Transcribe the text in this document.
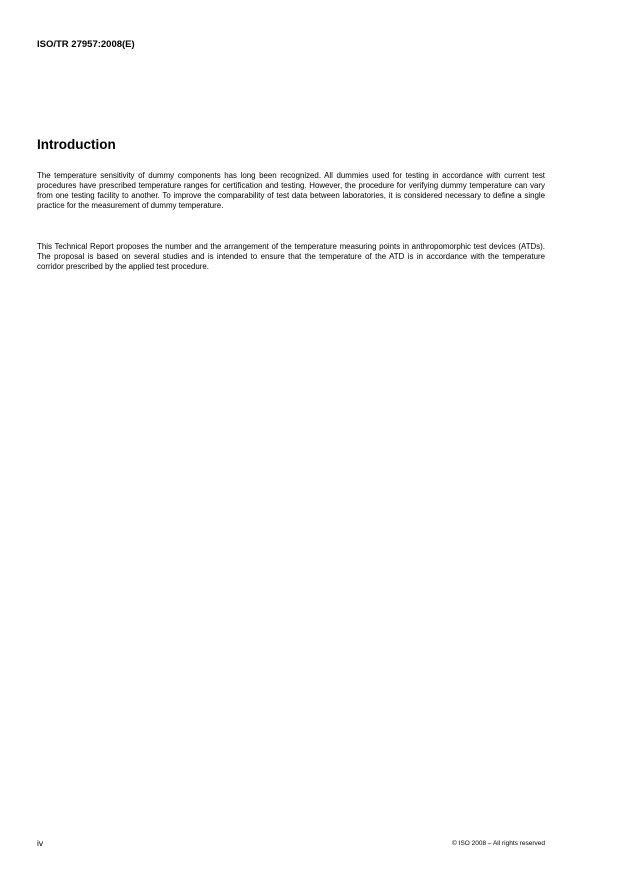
ISO/TR 27957:2008(E)
Introduction

The temperature sensitivity of dummy components has long been recognized. All dummies used for testing in accordance with current test procedures have prescribed temperature ranges for certification and testing. However, the procedure for verifying dummy temperature can vary from one testing facility to another. To improve the comparability of test data between laboratories, it is considered necessary to define a single practice for the measurement of dummy temperature.

This Technical Report proposes the number and the arrangement of the temperature measuring points in anthropomorphic test devices (ATDs). The proposal is based on several studies and is intended to ensure that the temperature of the ATD is in accordance with the temperature corridor prescribed by the applied test procedure.

iv	© ISO 2008 – All rights reserved
